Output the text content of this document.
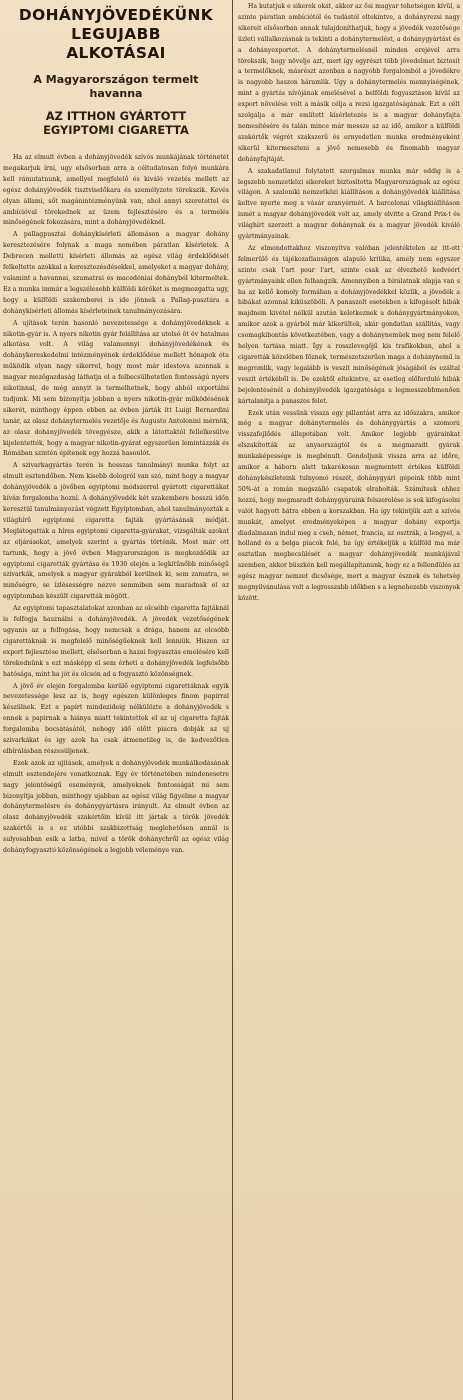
DOHÁNYJÖVEDÉKÜNK
LEGUJABB
ALKOTÁSAI
A Magyarországon termelt
havanna
AZ ITTHON GYÁRTOTT
EGYIPTOMI CIGARETTA

Ha az elmult évben a dohányjövedék szívós munkájának történetét megakarjuk írni, ugy elsősorban arra a céltudatosan folyó munkára kell rámutatnunk, amellyel megfelelő és kiváló vezetés mellett az egész dohányjövedék tisztviselőkara és személyzete törekszik. Kevés olyan állami, sőt magánintézményünk van, ahol annyi szeretettel és ambícióval törekednek az üzem fejlesztésére és a termelés minőségének fokozására, mint a dohányjövedéknél.

A pallagpusztai dohánykísérleti állomáson a magyar dohány keresztezésére folynak a maga nemében páratlan kísérletek. A Debrecen melletti kísérleti állomás az egész világ érdeklődését felkeltette azokkal a keresztezésdésekkel, amelyeket a magyar dohány, valamint a havannai, szumatrai és macedóniai dohányból kitermeltek. Ez a munka immár a legszélesebb külföldi köröket is megmozgatta ugy, hogy a külföldi szakemberei is ide jönnek a Pallag-pusztára a dohánykísérleti állomás kísérleteinek tanulmányozására.

A ujítások terén hasonló nevezetessége a dohányjövedéknek a nikotin-gyár is. A nyers nikotin gyár felállítása az utolsó öt év hatalmas alkotása volt. A világ valamennyi dohányjövedékének és dohánykereskedelmi intézményének érdeklődése mellett hónapok óta működik olyan nagy sikerrel, hogy most már idestova azonnak a magyar mezőgazdaság láthatja el a felbecsülhetetlen fontosságú nyers nikotinnal, de még annyit is termelhetnek, hogy abból exportálni tudjunk. Mi sem bizonyítja jobban a nyers nikotin-gyár működésének sikerét, minthogy éppen ebben az évben járták itt Luigi Bernardini tanár, az olasz dohánytermelés vezetője és Augusto Antolonini mérnök, az olasz dohányjövedék tövegyésze, akik a látottaktól fellelkesülve kijelentették, hogy a magyar nikotin-gyárat egyszerűen lemintázzák és Rómában szintén építenek egy hozzá hasonlót.

A szivarkagyártás terén is hosszas tanulmányi munka folyt az elmult esztendőben. Nem kisebb dologról van szó, mint hogy a magyar dohányjövedék a jövőben egyiptomi módszerrel gyártott cigarettákat kíván forgalomba hozni. A dohányjövedék két szakembere hosszú időn keresztül tanulmányozást végzett Egyiptomban, ahol tanulmányozták a világhírű egyiptomi cigaretta fajták gyártásának módját. Meglátogatták a híres egyiptomi cigaretta-gyárakat, vizsgálták azokat az eljárásokat, amelyek szerint a gyártás történik. Most már ott tartunk, hogy a jövő évben Magyarországon is megkezdődik az egyiptomi cigaretták gyártása és 1930 elején a legkitűnőbb minőségű szivarkák, amelyek a magyar gyárakból kerülnek ki, sem zamatra, se minőségre, se ízlésességre nézve semmiben sem maradnak el az egyiptomban készült cigaretták mögött.

Az egyiptomi tapasztalatokat azonban az olcsóbb cigaretta fajtáknál is felfogja használni a dohányjövedék. A jövedék vezetőségének ugyanis az a felfogása, hogy nemcsak a drága, hanem az olcsóbb cigarettáknak is megfelelő minőségűeknek kell lenniük. Hiszen az export fejlesztése mellett, elsősorban a hazai fogyasztás emelésére kell törekednünk s ezt másképp el sem érheti a dohányjövedék legfelsőbb hatósága, mint ha jót és olcsón ad a fogyasztó közönségnek.

A jövő év elején forgalomba kerülő egyiptomi cigarettáknak egyik nevezetessége lesz az is, hogy egészen különleges finom papirral készülnek. Ezt a papírt mindezideig nélkülözte a dohányjövedék s ennek a papirnak a hiánya miatt tekintettek el az uj cigaretta fajták forgalomba bocsátásától, nehogy idő előtt piacra dobják az uj szivarkákat és igy azok ha csak átmenetileg is, de kedvezőtlen elbírálásban részesüljenek.

Ezek azok az ujítások, amelyek a dohányjövedék munkálkodásának elmult esztendejére vonatkoznak. Egy év történetében mindenesetre nagy jelentőségű események, amelyeknek fontosságát mi sem bizonyítja jobban, minthogy ujabban az egész világ figyelme a magyar dohánytermelésre és dohánygyártásra irányult. Az elmult évben az olasz dohányjövedék szakértőin kívül itt jártak a török jövedék szakértői is s ez utóbbi szakbizottság meglehetősen annál is sulyosabban esik a latba, mivel a török dohánychről az egész világ dohányfogyasztó közönségének a legjobb véleménye van.

Ha kutatjuk e sikerek okát, akkor az ősi magyar tehetségen kívül, a szinte páratlan ambíciótól és tudástól eltekintve, a dohányrezsi nagy sikereit elsősorban annak tulajdoníthatjuk, hogy a jövedék vezetősége üzleti vállalkozásnak is tekinti a dohánytermelést, a dohánygyártást és a dohányexportot. A dohánytermelésnél minden erejével arra törekszik, hogy növelje azt, mert így egyrészt több jövedelmet biztosít a termelőknek, másrészt azonban a nagyobb forgalomból a jövedékre is nagyobb haszon háramlik. Ugy a dohánytermelés mennyiségének, mint a gyártás nívójának emelésével a belföldi fogyasztáson kívül az export növelése volt a másik célja a rezsi igazgatóságának. Ezt a célt szolgálja a már említett kísérletezés is a magyar dohányfajta nemesítésére és talán mince már messze az az idő, amikor a külföldi szakértők végrét szakszerű és ernyedetlen munka eredményeként sikerül kitermeszteni a jövő nemesebb és finomabb magyar dohányfajtáját.

A szakadatlanul folytatott szorgalmas munka már eddig is a legszebb nemzetközi sikereket biztosította Magyarországnak az egész világon. A szaloniki nemzetközi kiállításon a dohányjövedék kiállítása keltve nyerte meg a vásár aranyérmét. A barcelonai világkiállításon ismét a magyar dohányjövedék volt az, amely elvitte a Grand Prix-t és világhírt szerzett a magyar dohánynak és a magyar jövedék kiváló gyártmányainak.

Az elmondottakhoz viszonyítva valóban jelentéktelen az itt-ott felmerülő és tájékozatlanságon alapuló kritika, amely nem egyszer szinte csak l'art pour l'art, szinte csak az élvezhető kedvéért gyártmányaink ellen felhangzik. Amennyiben a bírálatnak alapja van s ha az kellő komoly formában a dohányjövedékkel közlik, a jövedék a hibákat azonnal kiküszöböli. A panaszolt esetekben a kifogásolt hibák majdnem kivétel nélkül azután keletkeznek a dohánygyártmányokon, amikor azok a gyárból már kikerültek, akár gondatlan szállítás, vagy csomagkibontás következtében, vagy a dohánynemüek meg nem felelő helyen tartása miatt. Így a rosszlevegőjű kis trafikokban, ahol a cigaretták közelében főznek, természetszerűen maga a dohánynemű is megromlik, vagy legalább is veszít minőségének jóságából és ezáltal veszít értékéből is. De ezektől eltekintve, az esetleg előforduló hibák bejelentésénél a dohányjövedék igazgatósága a legmesszebbmenően kártalanítja a panaszos felet.

Ezek után vessünk vissza egy pillantást arra az időszakra, amikor még a magyar dohánytermelés és dohánygyártás a szomorú visszafejlődés állapotában volt. Amikor legjobb gyárainkat elszakították az anyaországtól és a megmaradt gyárak munkaképessége is megbénult. Gondoljunk vissza arra az időre, amikor a háborn alatt takarékosan megmentett értékes külföldi dohánykészleteink tulnyomó részét, dohánygyári gépeink több mint 50%-át a román megszálló csapatok elrabolták. Számítsuk ehhez hozzá, hogy megmaradt dohánygyáraink felszerelése is sok kifogásolni valót hagyott hátra ebben a korszakban. Ha így tekintjük azt a szívós munkát, amelyet eredményeképen a magyar dohány exportja diadalmasan indul meg a cseh, német, francia, az osztrák, a lengyel, a holland és a belga piacok felé, ha így értékeljük a külföld ma már osztatlan megbecsülését a magyar dohányjövedék munkájával szemben, akkor büszkén kell megállapítanunk, hogy ez a fellendülés az egész magyar nemzet dicsősége, mert a magyar észnek és tehetség megnyilvánulása volt a legrosszabb időkben s a legnehezebb viszonyok között.
